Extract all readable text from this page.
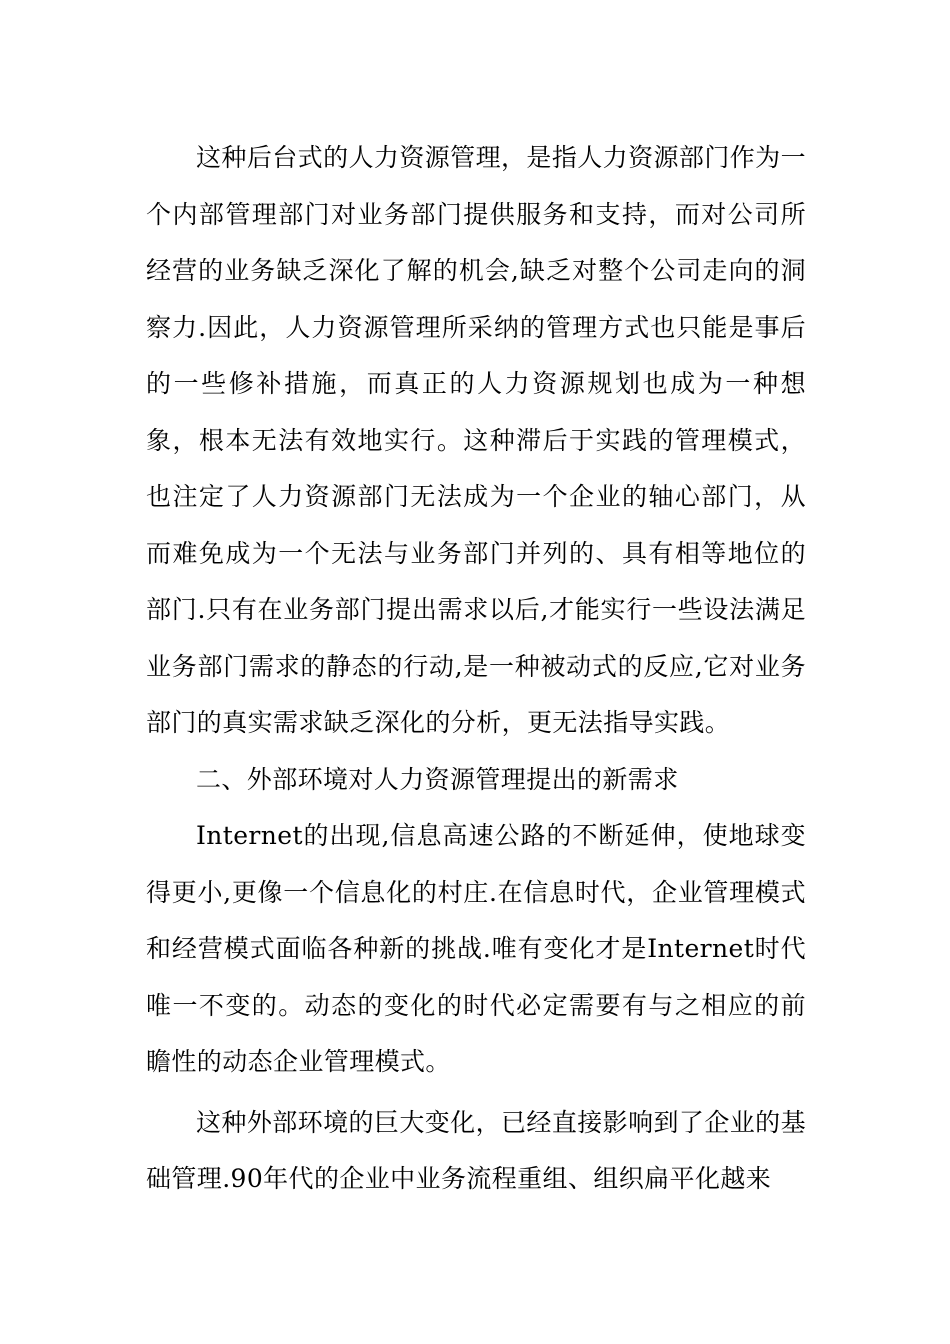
这种后台式的人力资源管理，是指人力资源部门作为一个内部管理部门对业务部门提供服务和支持，而对公司所经营的业务缺乏深化了解的机会,缺乏对整个公司走向的洞察力.因此，人力资源管理所采纳的管理方式也只能是事后的一些修补措施，而真正的人力资源规划也成为一种想象，根本无法有效地实行。这种滞后于实践的管理模式，也注定了人力资源部门无法成为一个企业的轴心部门，从而难免成为一个无法与业务部门并列的、具有相等地位的部门.只有在业务部门提出需求以后,才能实行一些设法满足业务部门需求的静态的行动,是一种被动式的反应,它对业务部门的真实需求缺乏深化的分析，更无法指导实践。

二、外部环境对人力资源管理提出的新需求

Internet的出现,信息高速公路的不断延伸，使地球变得更小,更像一个信息化的村庄.在信息时代，企业管理模式和经营模式面临各种新的挑战.唯有变化才是Internet时代唯一不变的。动态的变化的时代必定需要有与之相应的前瞻性的动态企业管理模式。

这种外部环境的巨大变化，已经直接影响到了企业的基础管理.90年代的企业中业务流程重组、组织扁平化越来
